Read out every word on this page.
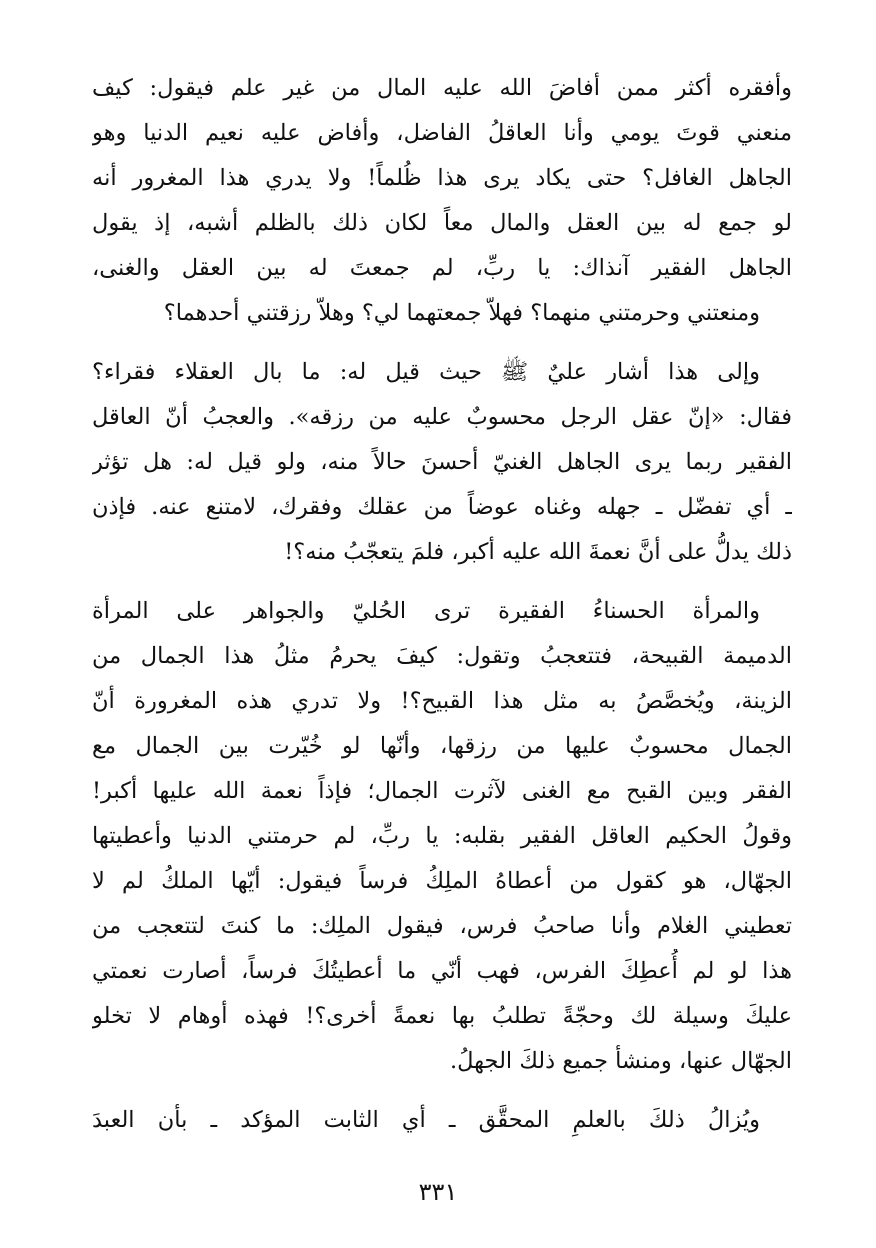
وأفقره أكثر ممن أفاضَ الله عليه المال من غير علم فيقول: كيف
منعني قوتَ يومي وأنا العاقلُ الفاضل، وأفاض عليه نعيم الدنيا وهو
الجاهل الغافل؟ حتى يكاد يرى هذا ظُلماً! ولا يدري هذا المغرور أنه
لو جمع له بين العقل والمال معاً لكان ذلك بالظلم أشبه، إذ يقول
الجاهل الفقير آنذاك: يا ربِّ، لم جمعتَ له بين العقل والغنى،
ومنعتني وحرمتني منهما؟ فهلاّ جمعتهما لي؟ وهلاّ رزقتني أحدهما؟
وإلى هذا أشار عليٌ ﷺ حيث قيل له: ما بال العقلاء فقراء؟
فقال: «إنّ عقل الرجل محسوبٌ عليه من رزقه». والعجبُ أنّ العاقل
الفقير ربما يرى الجاهل الغنيّ أحسنَ حالاً منه، ولو قيل له: هل تؤثر
ـ أي تفضّل ـ جهله وغناه عوضاً من عقلك وفقرك، لامتنع عنه. فإذن
ذلك يدلُّ على أنَّ نعمةَ الله عليه أكبر، فلمَ يتعجّبُ منه؟!
والمرأة الحسناءُ الفقيرة ترى الحُليّ والجواهر على المرأة
الدميمة القبيحة، فتتعجبُ وتقول: كيفَ يحرمُ مثلُ هذا الجمال من
الزينة، ويُخصَّصُ به مثل هذا القبيح؟! ولا تدري هذه المغرورة أنّ
الجمال محسوبٌ عليها من رزقها، وأنّها لو خُيّرت بين الجمال مع
الفقر وبين القبح مع الغنى لآثرت الجمال؛ فإذاً نعمة الله عليها أكبر!
وقولُ الحكيم العاقل الفقير بقلبه: يا ربِّ، لم حرمتني الدنيا وأعطيتها
الجهّال، هو كقول من أعطاهُ الملِكُ فرساً فيقول: أيّها الملكُ لم لا
تعطيني الغلام وأنا صاحبُ فرس، فيقول الملِك: ما كنتَ لتتعجب من
هذا لو لم أُعطِكَ الفرس، فهب أنّي ما أعطيتُكَ فرساً، أصارت نعمتي
عليكَ وسيلة لك وحجّةً تطلبُ بها نعمةً أخرى؟! فهذه أوهام لا تخلو
الجهّال عنها، ومنشأ جميع ذلكَ الجهلُ.
ويُزالُ ذلكَ بالعلمِ المحقَّق ـ أي الثابت المؤكد ـ بأن العبدَ
٣٣١
